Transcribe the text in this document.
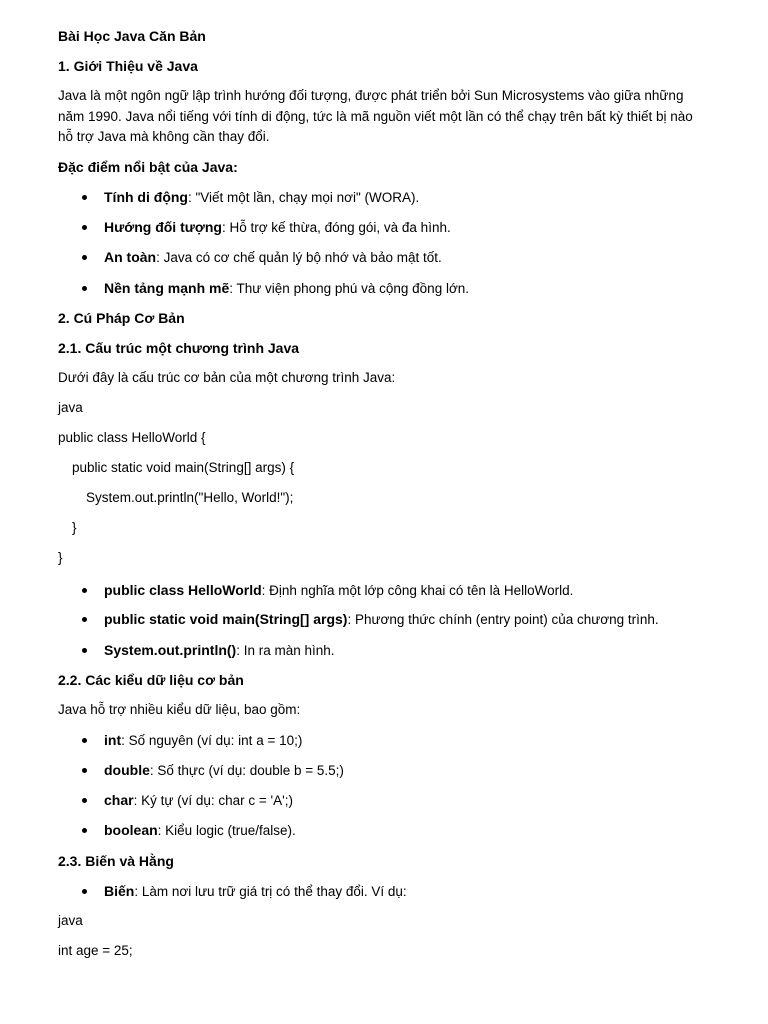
Bài Học Java Căn Bản

1. Giới Thiệu về Java

Java là một ngôn ngữ lập trình hướng đối tượng, được phát triển bởi Sun Microsystems vào giữa những năm 1990. Java nổi tiếng với tính di động, tức là mã nguồn viết một lần có thể chạy trên bất kỳ thiết bị nào hỗ trợ Java mà không cần thay đổi.

Đặc điểm nổi bật của Java:

Tính di động: "Viết một lần, chạy mọi nơi" (WORA).

Hướng đối tượng: Hỗ trợ kế thừa, đóng gói, và đa hình.

An toàn: Java có cơ chế quản lý bộ nhớ và bảo mật tốt.

Nền tảng mạnh mẽ: Thư viện phong phú và cộng đồng lớn.

2. Cú Pháp Cơ Bản

2.1. Cấu trúc một chương trình Java

Dưới đây là cấu trúc cơ bản của một chương trình Java:

java

public class HelloWorld {

public static void main(String[] args) {

System.out.println("Hello, World!");

}

}

public class HelloWorld: Định nghĩa một lớp công khai có tên là HelloWorld.

public static void main(String[] args): Phương thức chính (entry point) của chương trình.

System.out.println(): In ra màn hình.

2.2. Các kiểu dữ liệu cơ bản

Java hỗ trợ nhiều kiểu dữ liệu, bao gồm:

int: Số nguyên (ví dụ: int a = 10;)

double: Số thực (ví dụ: double b = 5.5;)

char: Ký tự (ví dụ: char c = 'A';)

boolean: Kiểu logic (true/false).

2.3. Biến và Hằng

Biến: Làm nơi lưu trữ giá trị có thể thay đổi. Ví dụ:

java

int age = 25;
